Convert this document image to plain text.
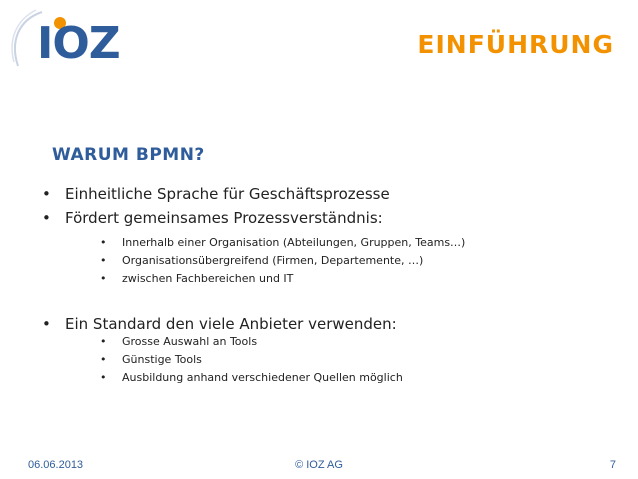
IOZ	EINFÜHRUNG
WARUM BPMN?
• Einheitliche Sprache für Geschäftsprozesse
• Fördert gemeinsames Prozessverständnis:
• Innerhalb einer Organisation (Abteilungen, Gruppen, Teams…)
• Organisationsübergreifend (Firmen, Departemente, …)
• zwischen Fachbereichen und IT
• Ein Standard den viele Anbieter verwenden:
• Grosse Auswahl an Tools
• Günstige Tools
• Ausbildung anhand verschiedener Quellen möglich
06.06.2013	© IOZ AG	7
